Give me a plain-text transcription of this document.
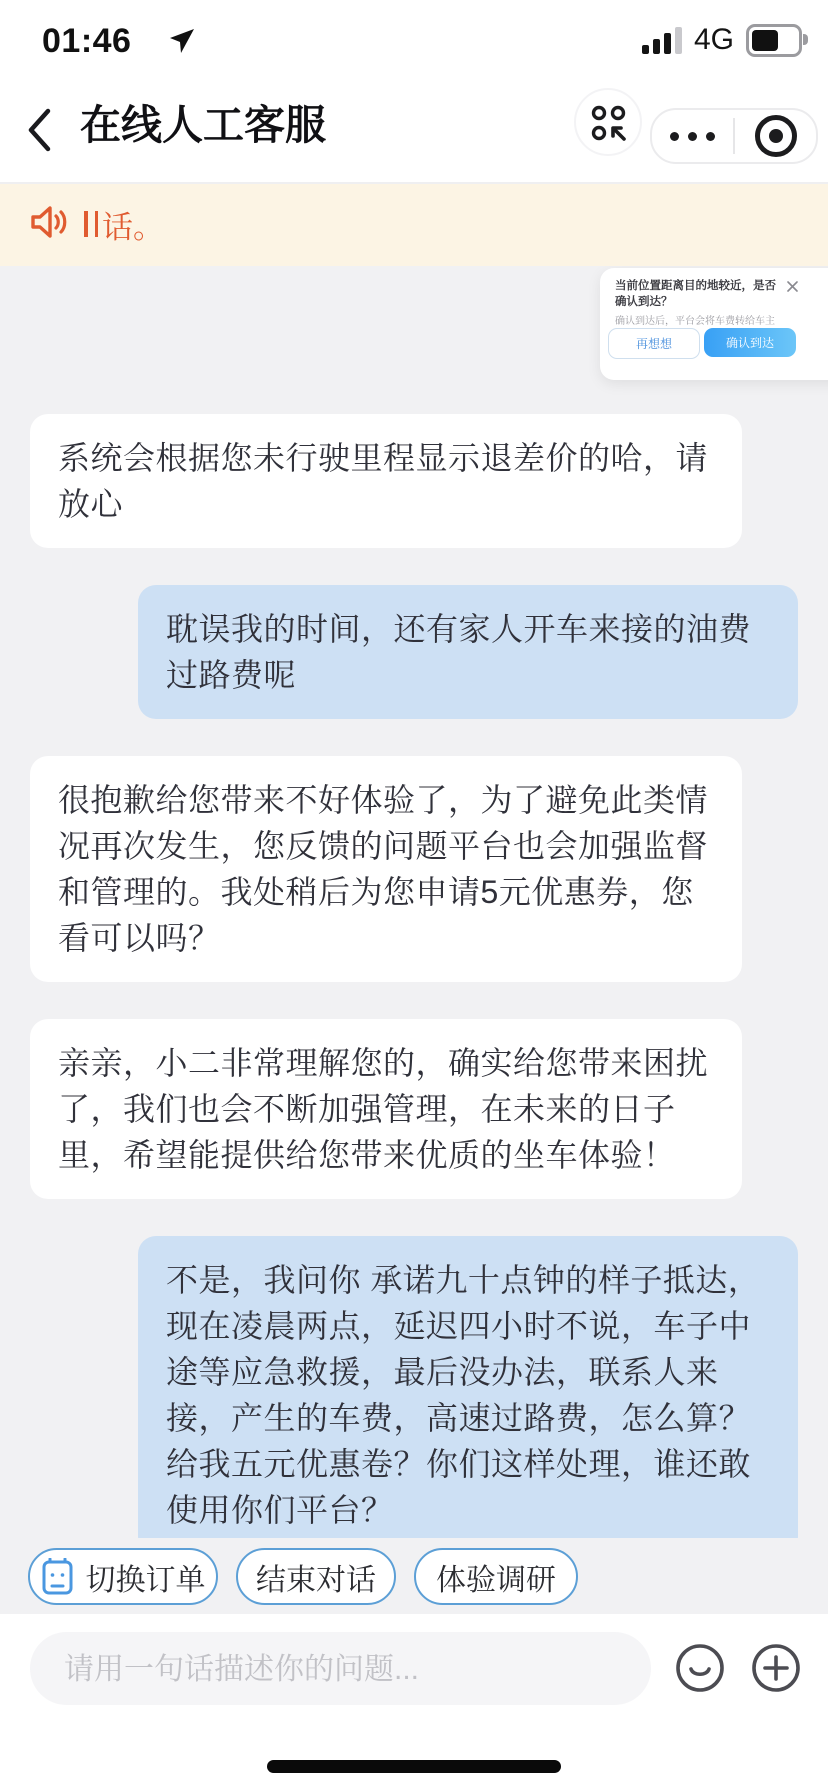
01:46	4G
在线人工客服
话。
当前位置距离目的地较近，是否确认到达？
确认到达后，平台会将车费转给车主
再想想	确认到达
系统会根据您未行驶里程显示退差价的哈，请放心
耽误我的时间，还有家人开车来接的油费 过路费呢
很抱歉给您带来不好体验了，为了避免此类情况再次发生，您反馈的问题平台也会加强监督和管理的。我处稍后为您申请5元优惠券，您看可以吗？
亲亲，小二非常理解您的，确实给您带来困扰了，我们也会不断加强管理，在未来的日子里，希望能提供给您带来优质的坐车体验！
不是，我问你 承诺九十点钟的样子抵达，现在凌晨两点，延迟四小时不说，车子中途等应急救援，最后没办法，联系人来接，产生的车费，高速过路费，怎么算？给我五元优惠卷？你们这样处理，谁还敢使用你们平台？
切换订单 结束对话 体验调研
请用一句话描述你的问题...
